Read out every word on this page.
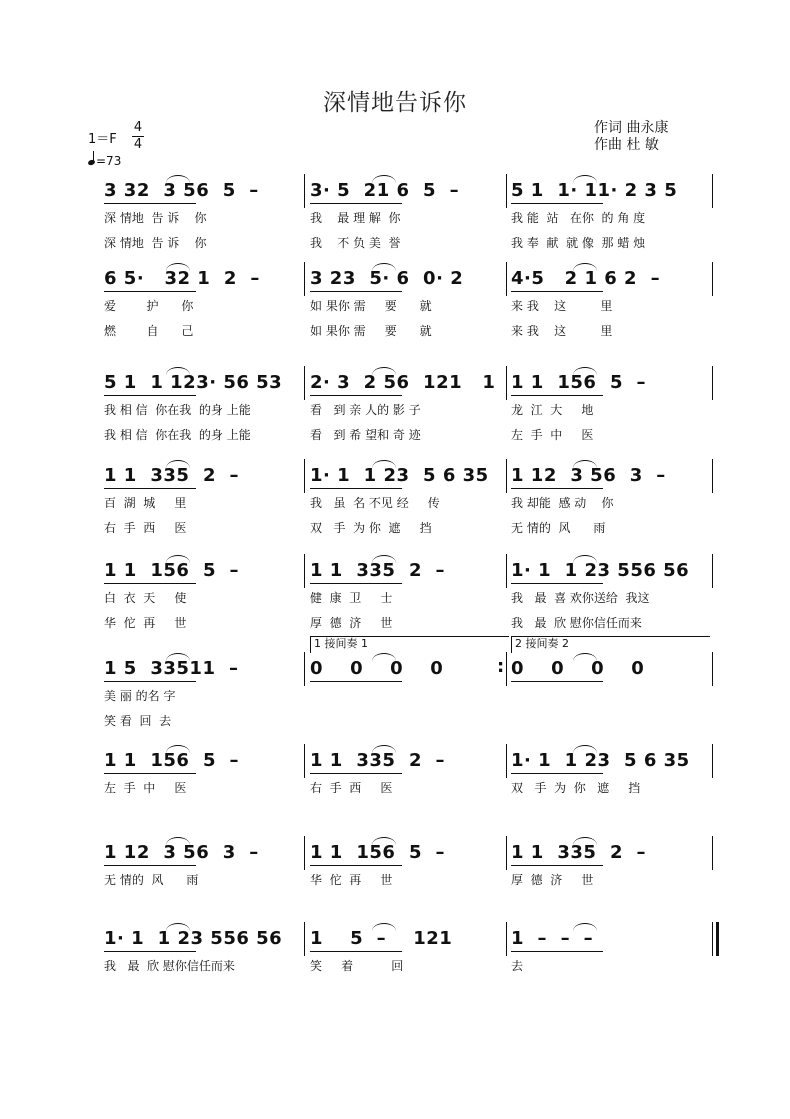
深情地告诉你
1＝F
4
4
=73
作词 曲永康
作曲 杜 敏
3 32  3 56  5  –
深 情地  告 诉    你
深 情地  告 诉    你
3· 5  21 6  5  –
我    最 理 解  你
我    不 负 美  誉
5 1  1· 11· 2 3 5
我 能  站   在你  的 角 度
我 奉  献  就 像  那 蜡 烛
6 5·   32 1  2  –
爱        护      你
燃        自      己
3 23  5· 6  0· 2
如 果你 需     要      就
如 果你 需     要      就
4·5   2 1 6 2  –
来 我    这         里
来 我    这         里
5 1  1 123· 56 53
我 相 信  你在我  的身 上能
我 相 信  你在我  的身 上能
2· 3  2 56  121   1
看   到 亲 人的 影 子
看   到 希 望和 奇 迹
1 1  156  5  –
龙  江  大     地
左  手  中     医
1 1  335  2  –
百  湖  城     里
右  手  西     医
1· 1  1 23  5 6 35
我   虽  名 不见 经     传
双   手  为 你  遮     挡
1 12  3 56  3  –
我 却能  感 动    你
无 情的  风      雨
1 1  156  5  –
白  衣  天     使
华  佗  再     世
1 1  335  2  –
健  康  卫     士
厚  德  济     世
1· 1  1 23 556 56
我   最  喜 欢你送给  我这
我   最  欣 慰你信任而来
1 5  33511  –
美 丽 的名 字
笑 看  回  去
0    0    0    0	0    0    0    0
1 接间奏 1	2 接间奏 2
:
1 1  156  5  –
左  手  中     医
1 1  335  2  –
右  手  西     医
1· 1  1 23  5 6 35
双   手  为  你   遮     挡
1 12  3 56  3  –
无 情的  风      雨
1 1  156  5  –
华  佗  再     世
1 1  335  2  –
厚  德  济     世
1· 1  1 23 556 56
我   最  欣 慰你信任而来
1    5  –    121
笑     着          回
1  –  –  –
去
